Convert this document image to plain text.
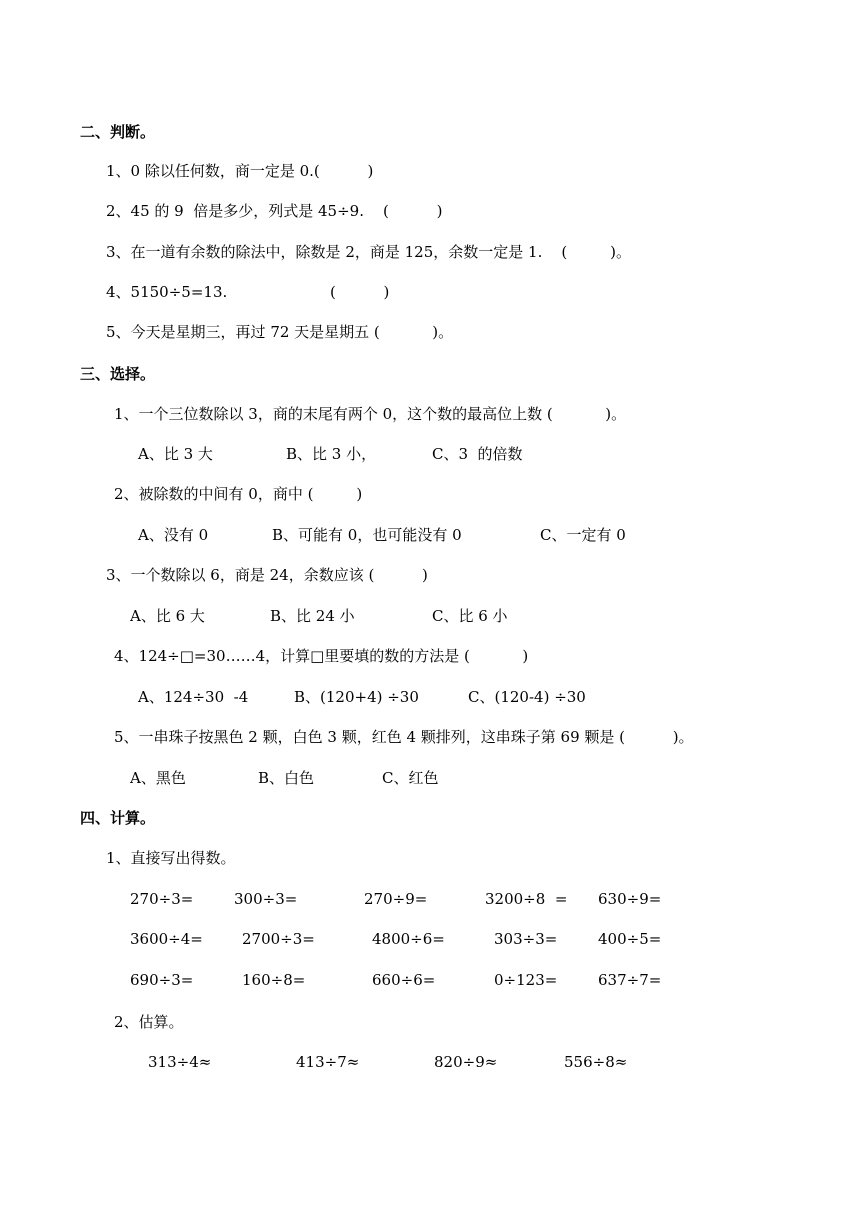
二、判断。
1、0 除以任何数，商一定是 0.(          )
2、45 的 9  倍是多少，列式是 45÷9.    (          )
3、在一道有余数的除法中，除数是 2，商是 125，余数一定是 1.    (         )。
4、5150÷5=13.	(          )
5、今天是星期三，再过 72 天是星期五 (           )。
三、选择。
1、一个三位数除以 3，商的末尾有两个 0，这个数的最高位上数 (           )。
A、比 3 大	B、比 3 小，	C、3  的倍数
2、被除数的中间有 0，商中 (         )
A、没有 0	B、可能有 0，也可能没有 0	C、一定有 0
3、一个数除以 6，商是 24，余数应该 (          )
A、比 6 大	B、比 24 小	C、比 6 小
4、124÷□=30……4，计算□里要填的数的方法是 (           )
A、124÷30  -4	B、(120+4) ÷30	C、(120-4) ÷30
5、一串珠子按黑色 2 颗，白色 3 颗，红色 4 颗排列，这串珠子第 69 颗是 (          )。
A、黑色	B、白色	C、红色
四、计算。
1、直接写出得数。
270÷3=	300÷3=	270÷9=	3200÷8  = 630÷9=
3600÷4=	2700÷3=	4800÷6=	303÷3=	400÷5=
690÷3=	160÷8=	660÷6=	0÷123=	637÷7=
2、估算。
313÷4≈	413÷7≈	820÷9≈	556÷8≈
